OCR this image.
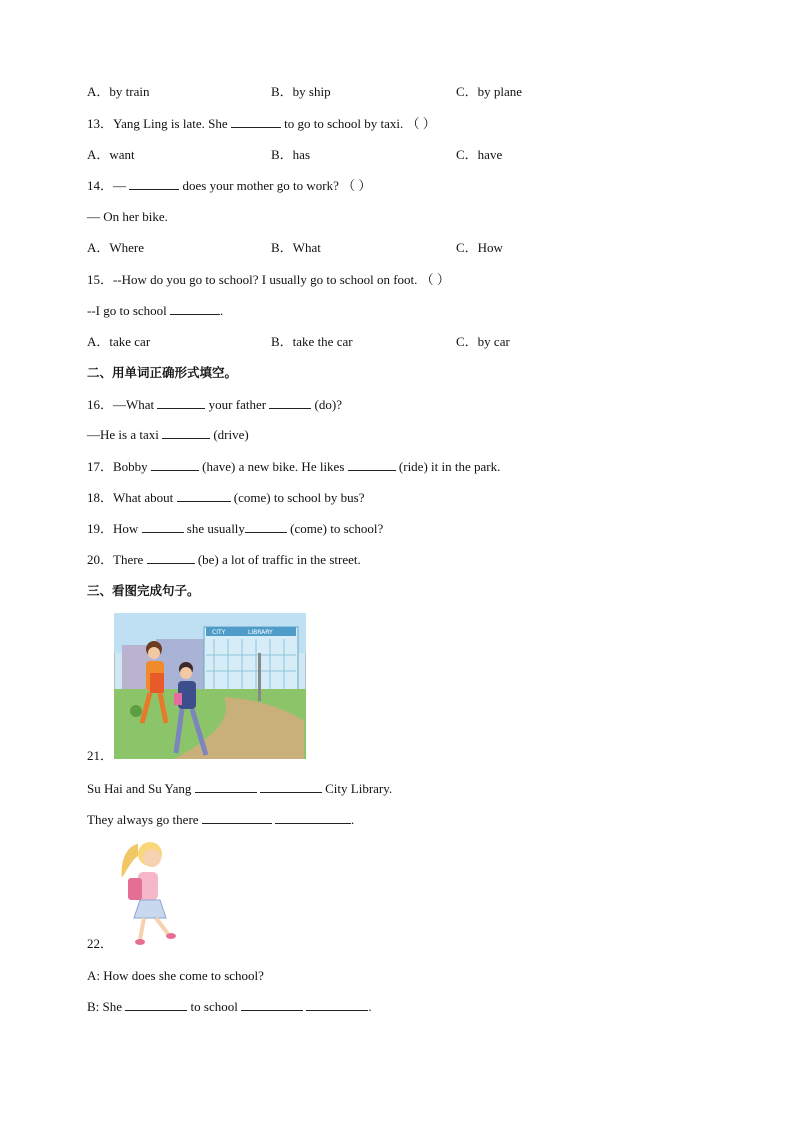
A．by train	B．by ship	C．by plane
13．Yang Ling is late. She	to go to school by taxi. （ ）
A．want	B．has	C．have
14．—	does your mother go to work? （ ）
— On her bike.
A．Where	B．What	C．How
15．--How do you go to school? I usually go to school on foot. （ ）
--I go to school	.
A．take car	B．take the car	C．by car
二、用单词正确形式填空。
16．—What	your father	(do)?
—He is a taxi	(drive)
17．Bobby	(have) a new bike. He likes	(ride) it in the park.
18．What about	(come) to school by bus?
19．How	she usually	(come) to school?
20．There	(be) a lot of traffic in the street.
三、看图完成句子。
CITY	LIBRARY
21．
Su Hai and Su Yang	City Library.
They always go there	.
22．
A: How does she come to school?
B: She	to school	.
